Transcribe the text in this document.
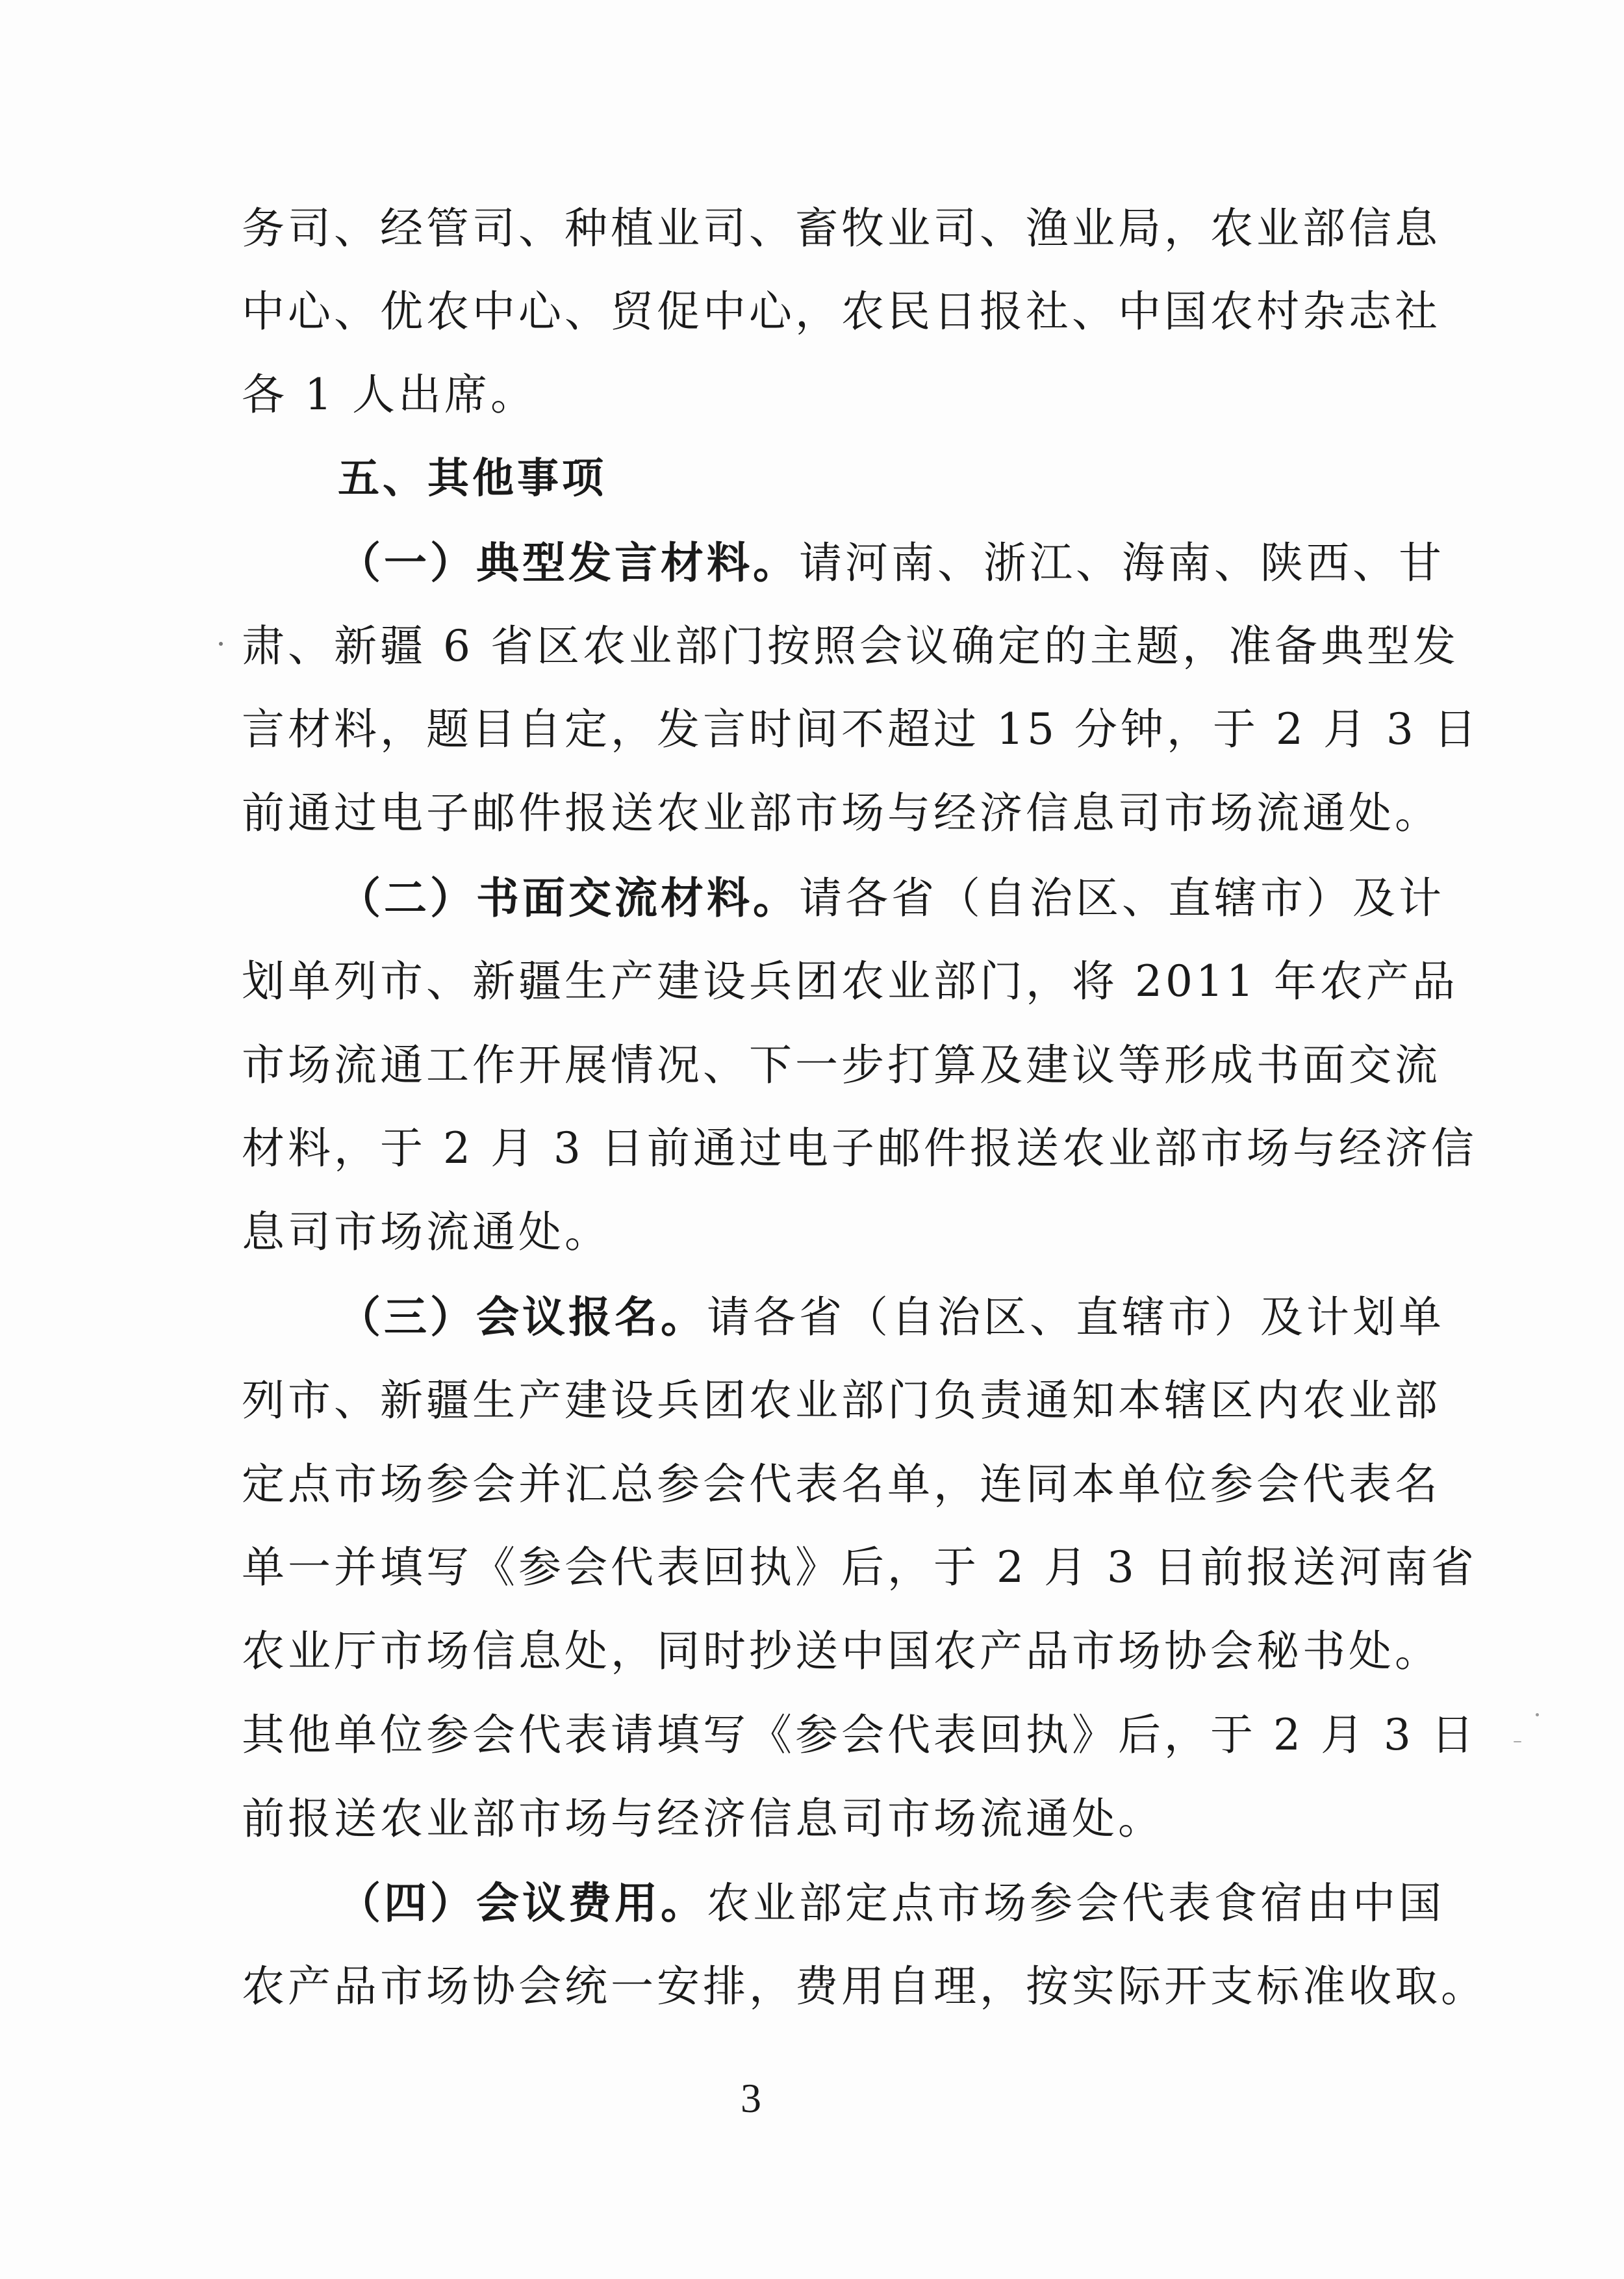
务司、经管司、种植业司、畜牧业司、渔业局，农业部信息
中心、优农中心、贸促中心，农民日报社、中国农村杂志社
各 1 人出席。
五、其他事项
（一）典型发言材料。请河南、浙江、海南、陕西、甘
肃、新疆 6 省区农业部门按照会议确定的主题，准备典型发
言材料，题目自定，发言时间不超过 15 分钟，于 2 月 3 日
前通过电子邮件报送农业部市场与经济信息司市场流通处。
（二）书面交流材料。请各省（自治区、直辖市）及计
划单列市、新疆生产建设兵团农业部门，将 2011 年农产品
市场流通工作开展情况、下一步打算及建议等形成书面交流
材料，于 2 月 3 日前通过电子邮件报送农业部市场与经济信
息司市场流通处。
（三）会议报名。请各省（自治区、直辖市）及计划单
列市、新疆生产建设兵团农业部门负责通知本辖区内农业部
定点市场参会并汇总参会代表名单，连同本单位参会代表名
单一并填写《参会代表回执》后，于 2 月 3 日前报送河南省
农业厅市场信息处，同时抄送中国农产品市场协会秘书处。
其他单位参会代表请填写《参会代表回执》后，于 2 月 3 日
前报送农业部市场与经济信息司市场流通处。
（四）会议费用。农业部定点市场参会代表食宿由中国
农产品市场协会统一安排，费用自理，按实际开支标准收取。
3
